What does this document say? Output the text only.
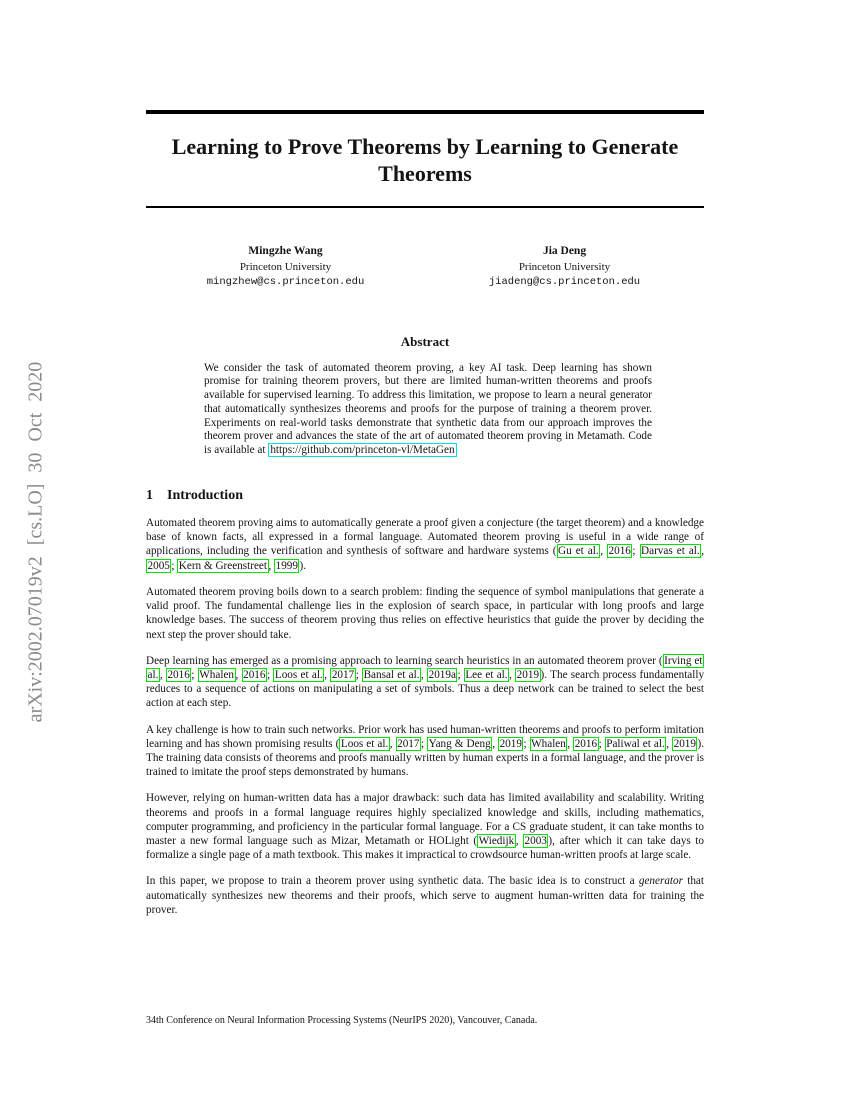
arXiv:2002.07019v2 [cs.LO] 30 Oct 2020
Learning to Prove Theorems by Learning to Generate Theorems
Mingzhe Wang
Princeton University
mingzhew@cs.princeton.edu
Jia Deng
Princeton University
jiadeng@cs.princeton.edu
Abstract

We consider the task of automated theorem proving, a key AI task. Deep learning has shown promise for training theorem provers, but there are limited human-written theorems and proofs available for supervised learning. To address this limitation, we propose to learn a neural generator that automatically synthesizes theorems and proofs for the purpose of training a theorem prover. Experiments on real-world tasks demonstrate that synthetic data from our approach improves the theorem prover and advances the state of the art of automated theorem proving in Metamath. Code is available at https://github.com/princeton-vl/MetaGen

1 Introduction

Automated theorem proving aims to automatically generate a proof given a conjecture (the target theorem) and a knowledge base of known facts, all expressed in a formal language. Automated theorem proving is useful in a wide range of applications, including the verification and synthesis of software and hardware systems ( Gu et al. , 2016 ; Darvas et al. , 2005 ; Kern & Greenstreet , 1999 ).

Automated theorem proving boils down to a search problem: finding the sequence of symbol manipulations that generate a valid proof. The fundamental challenge lies in the explosion of search space, in particular with long proofs and large knowledge bases. The success of theorem proving thus relies on effective heuristics that guide the prover by deciding the next step the prover should take.

Deep learning has emerged as a promising approach to learning search heuristics in an automated theorem prover ( Irving et al. , 2016 ; Whalen , 2016 ; Loos et al. , 2017 ; Bansal et al. , 2019a ; Lee et al. , 2019 ). The search process fundamentally reduces to a sequence of actions on manipulating a set of symbols. Thus a deep network can be trained to select the best action at each step.

A key challenge is how to train such networks. Prior work has used human-written theorems and proofs to perform imitation learning and has shown promising results ( Loos et al. , 2017 ; Yang & Deng , 2019 ; Whalen , 2016 ; Paliwal et al. , 2019 ). The training data consists of theorems and proofs manually written by human experts in a formal language, and the prover is trained to imitate the proof steps demonstrated by humans.

However, relying on human-written data has a major drawback: such data has limited availability and scalability. Writing theorems and proofs in a formal language requires highly specialized knowledge and skills, including mathematics, computer programming, and proficiency in the particular formal language. For a CS graduate student, it can take months to master a new formal language such as Mizar, Metamath or HOLight ( Wiedijk , 2003 ), after which it can take days to formalize a single page of a math textbook. This makes it impractical to crowdsource human-written proofs at large scale.

In this paper, we propose to train a theorem prover using synthetic data. The basic idea is to construct a generator that automatically synthesizes new theorems and their proofs, which serve to augment human-written data for training the prover.

34th Conference on Neural Information Processing Systems (NeurIPS 2020), Vancouver, Canada.
